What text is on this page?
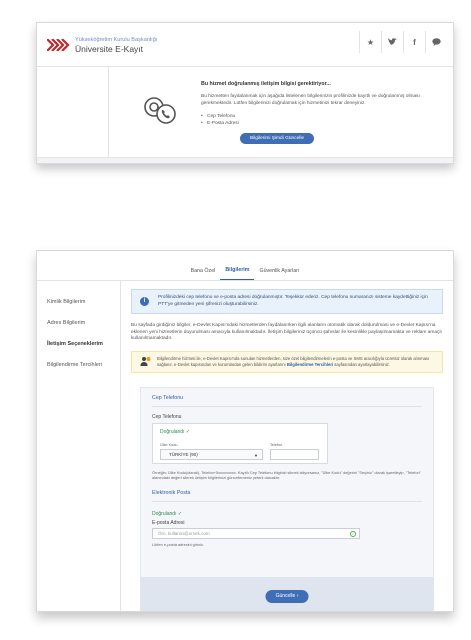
Yükseköğretim Kurulu Başkanlığı
Üniversite E-Kayıt
★	f
Bu hizmet doğrulanmış iletişim bilgisi gerektiriyor...
Bu hizmetten faydalanmak için aşağıda listelenen bilgilerinizin profilinizde kayıtlı ve doğrulanmış olması gerekmektedir. Lütfen bilgilerinizi doğrulamak için hizmetinizi tekrar deneyiniz.
• Cep Telefonu
• E-Posta Adresi
Bilgilerimi Şimdi Güncelle
Bana Özel	Bilgilerim	Güvenlik Ayarları
Kimlik Bilgilerim
Adres Bilgilerim
İletişim Seçeneklerim
Bilgilendirme Tercihleri
i
Profilinizdeki cep telefonu ve e-posta adresi doğrulanmıştır. Teşekkür ederiz. Cep telefonu numaranızı sisteme kaydettiğiniz için PTT'ye gitmeden yeni şifrenizi oluşturabilirsiniz.
Bu sayfada girdiğiniz bilgiler, e-Devlet Kapısı'ndaki hizmetlerden faydalanırken ilgili alanların otomatik olarak doldurulması ve e-Devlet Kapısı'na eklenen yeni hizmetlerin duyurulması amacıyla kullanılmaktadır. İletişim bilgileriniz üçüncü şahıslar ile kesinlikle paylaşılmamakta ve reklam amaçlı kullanılmamaktadır.
Bilgilendirme hizmeti ile, e-Devlet Kapısı'nda sunulan hizmetlerden, size özel bilgilendirmelerin e-posta ve SMS aracılığıyla ücretsiz olarak alınması sağlanır. e-Devlet kapısından ve kurumlardan gelen bildirim ayarlarını Bilgilendirme Tercihleri sayfasından ayarlayabilirsiniz.
Cep Telefonu
Cep Telefonu
Doğrulandı ✓
Ülke Kodu	Telefon
TÜRKİYE (90)	▼
Örneğin; Ülke Kodu(olarak), Telefon+5xxxxxxxxx. Kayıtlı Cep Telefonu bilginizi silmek istiyorsanız, "Ülke Kodu" değerini "Seçiniz" olarak işaretleyip, "Telefon" alanındaki değeri silerek iletişim bilgilerinizi güncellemeniz yeterli olacaktır.
Elektronik Posta
Doğrulandı ✓
E-posta Adresi
Örn. kullanici@ornek.com	✓
Lütfen e-posta adresini giriniz.
Güncelle ›
